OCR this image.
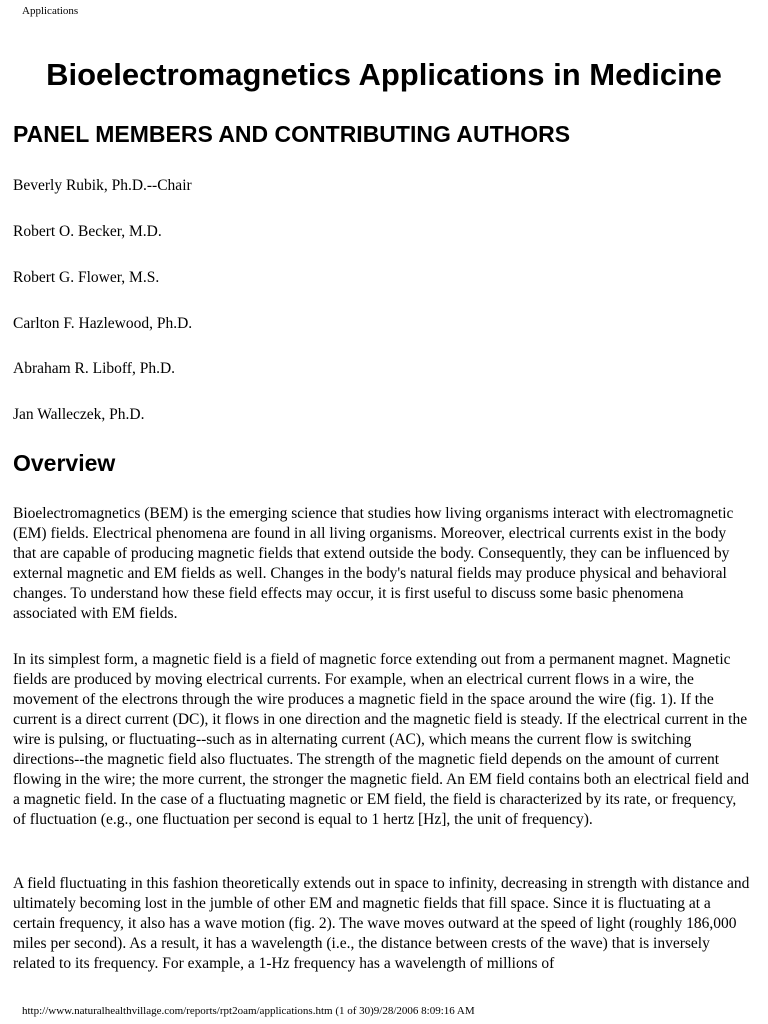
Applications
Bioelectromagnetics Applications in Medicine
PANEL MEMBERS AND CONTRIBUTING AUTHORS

Beverly Rubik, Ph.D.--Chair

Robert O. Becker, M.D.

Robert G. Flower, M.S.

Carlton F. Hazlewood, Ph.D.

Abraham R. Liboff, Ph.D.

Jan Walleczek, Ph.D.

Overview

Bioelectromagnetics (BEM) is the emerging science that studies how living organisms interact with electromagnetic (EM) fields. Electrical phenomena are found in all living organisms. Moreover, electrical currents exist in the body that are capable of producing magnetic fields that extend outside the body. Consequently, they can be influenced by external magnetic and EM fields as well. Changes in the body's natural fields may produce physical and behavioral changes. To understand how these field effects may occur, it is first useful to discuss some basic phenomena associated with EM fields.

In its simplest form, a magnetic field is a field of magnetic force extending out from a permanent magnet. Magnetic fields are produced by moving electrical currents. For example, when an electrical current flows in a wire, the movement of the electrons through the wire produces a magnetic field in the space around the wire (fig. 1). If the current is a direct current (DC), it flows in one direction and the magnetic field is steady. If the electrical current in the wire is pulsing, or fluctuating--such as in alternating current (AC), which means the current flow is switching directions--the magnetic field also fluctuates. The strength of the magnetic field depends on the amount of current flowing in the wire; the more current, the stronger the magnetic field. An EM field contains both an electrical field and a magnetic field. In the case of a fluctuating magnetic or EM field, the field is characterized by its rate, or frequency, of fluctuation (e.g., one fluctuation per second is equal to 1 hertz [Hz], the unit of frequency).

A field fluctuating in this fashion theoretically extends out in space to infinity, decreasing in strength with distance and ultimately becoming lost in the jumble of other EM and magnetic fields that fill space. Since it is fluctuating at a certain frequency, it also has a wave motion (fig. 2). The wave moves outward at the speed of light (roughly 186,000 miles per second). As a result, it has a wavelength (i.e., the distance between crests of the wave) that is inversely related to its frequency. For example, a 1-Hz frequency has a wavelength of millions of

http://www.naturalhealthvillage.com/reports/rpt2oam/applications.htm (1 of 30)9/28/2006 8:09:16 AM
